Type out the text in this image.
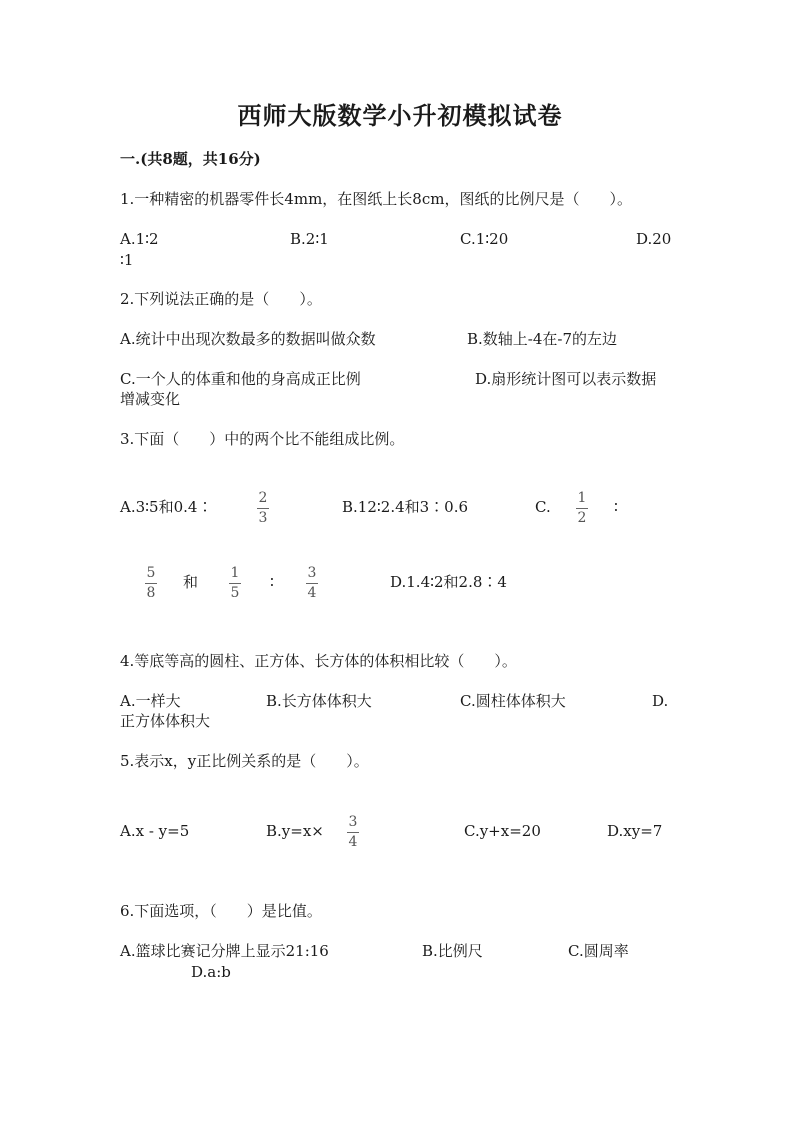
西师大版数学小升初模拟试卷
一.(共8题，共16分)
1.一种精密的机器零件长4mm，在图纸上长8cm，图纸的比例尺是（　　）。
A.1∶2	B.2∶1	C.1∶20	D.20
∶1
2.下列说法正确的是（　　）。
A.统计中出现次数最多的数据叫做众数	B.数轴上-4在-7的左边
C.一个人的体重和他的身高成正比例	D.扇形统计图可以表示数据
增减变化
3.下面（　　）中的两个比不能组成比例。
A.3∶5和0.4∶	2
3
B.12∶2.4和3∶0.6	C. 1
2
∶
5
8
和 1
5
∶ 3
4
D.1.4∶2和2.8∶4
4.等底等高的圆柱、正方体、长方体的体积相比较（　　）。
A.一样大	B.长方体体积大	C.圆柱体体积大	D.
正方体体积大
5.表示x，y正比例关系的是（　　）。
A.x - y=5	B.y=x× 3
4
C.y+x=20	D.xy=7
6.下面选项，（　　）是比值。
A.篮球比赛记分牌上显示21:16	B.比例尺	C.圆周率
D.a:b
